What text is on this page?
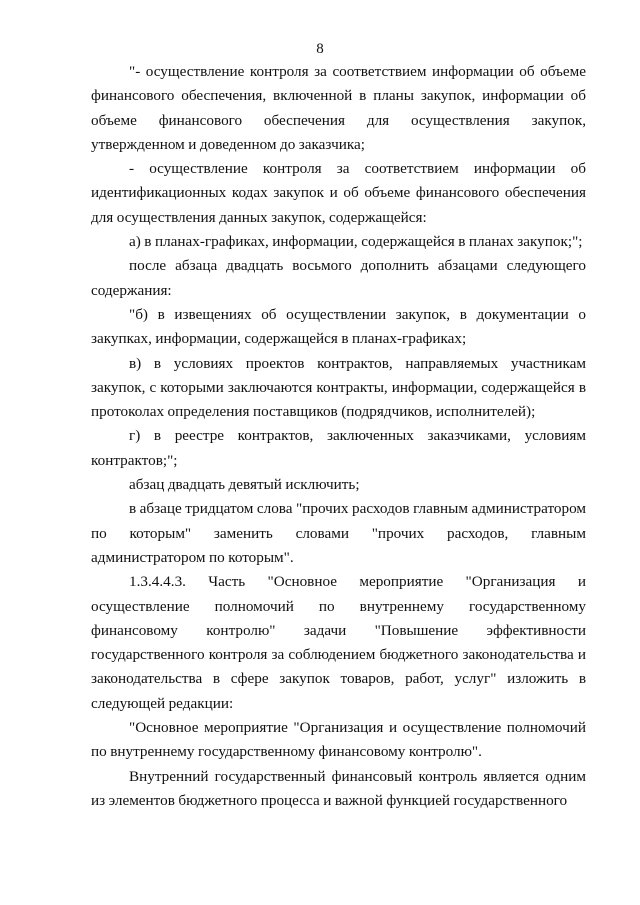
8

"- осуществление контроля за соответствием информации об объеме финансового обеспечения, включенной в планы закупок, информации об объеме финансового обеспечения для осуществления закупок, утвержденном и доведенном до заказчика;

- осуществление контроля за соответствием информации об идентификационных кодах закупок и об объеме финансового обеспечения для осуществления данных закупок, содержащейся:

а) в планах-графиках, информации, содержащейся в планах закупок;";

после абзаца двадцать восьмого дополнить абзацами следующего содержания:

"б) в извещениях об осуществлении закупок, в документации о закупках, информации, содержащейся в планах-графиках;

в) в условиях проектов контрактов, направляемых участникам закупок, с которыми заключаются контракты, информации, содержащейся в протоколах определения поставщиков (подрядчиков, исполнителей);

г) в реестре контрактов, заключенных заказчиками, условиям контрактов;";

абзац двадцать девятый исключить;

в абзаце тридцатом слова "прочих расходов главным администратором по которым" заменить словами "прочих расходов, главным администратором по которым".

1.3.4.4.3. Часть "Основное мероприятие "Организация и осуществление полномочий по внутреннему государственному финансовому контролю" задачи "Повышение эффективности государственного контроля за соблюдением бюджетного законодательства и законодательства в сфере закупок товаров, работ, услуг" изложить в следующей редакции:

"Основное мероприятие "Организация и осуществление полномочий по внутреннему государственному финансовому контролю".

Внутренний государственный финансовый контроль является одним из элементов бюджетного процесса и важной функцией государственного
